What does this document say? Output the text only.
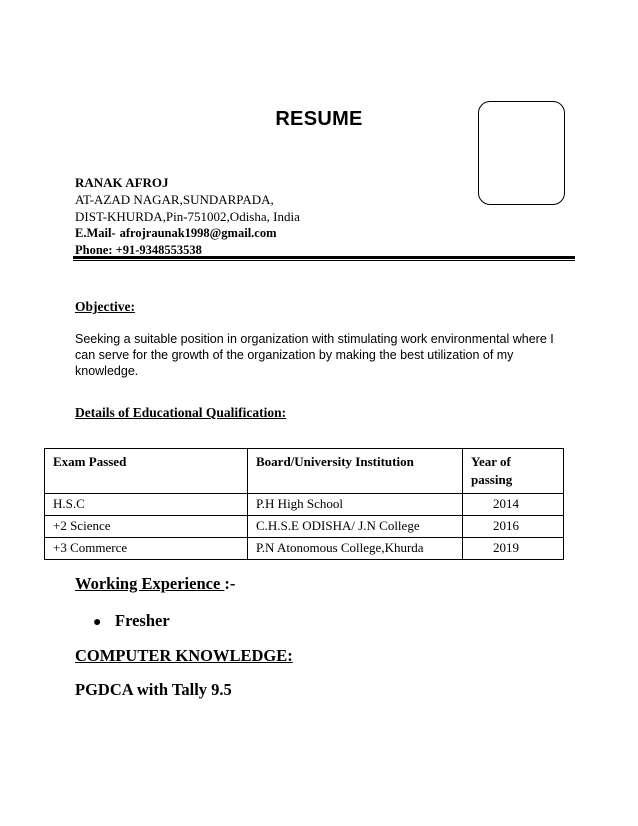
RESUME
RANAK AFROJ
AT-AZAD NAGAR,SUNDARPADA,
DIST-KHURDA,Pin-751002,Odisha, India
E.Mail- afrojraunak1998@gmail.com
Phone: +91-9348553538
Objective:
Seeking a suitable position in organization with stimulating work environmental where I can serve for the growth of the organization by making the best utilization of my knowledge.
Details of Educational Qualification:
Exam Passed	Board/University Institution	Year of passing
H.S.C	P.H High School	2014
+2 Science	C.H.S.E ODISHA/ J.N College	2016
+3 Commerce	P.N Atonomous College,Khurda	2019
Working Experience :-
● Fresher
COMPUTER KNOWLEDGE:
PGDCA with Tally 9.5
